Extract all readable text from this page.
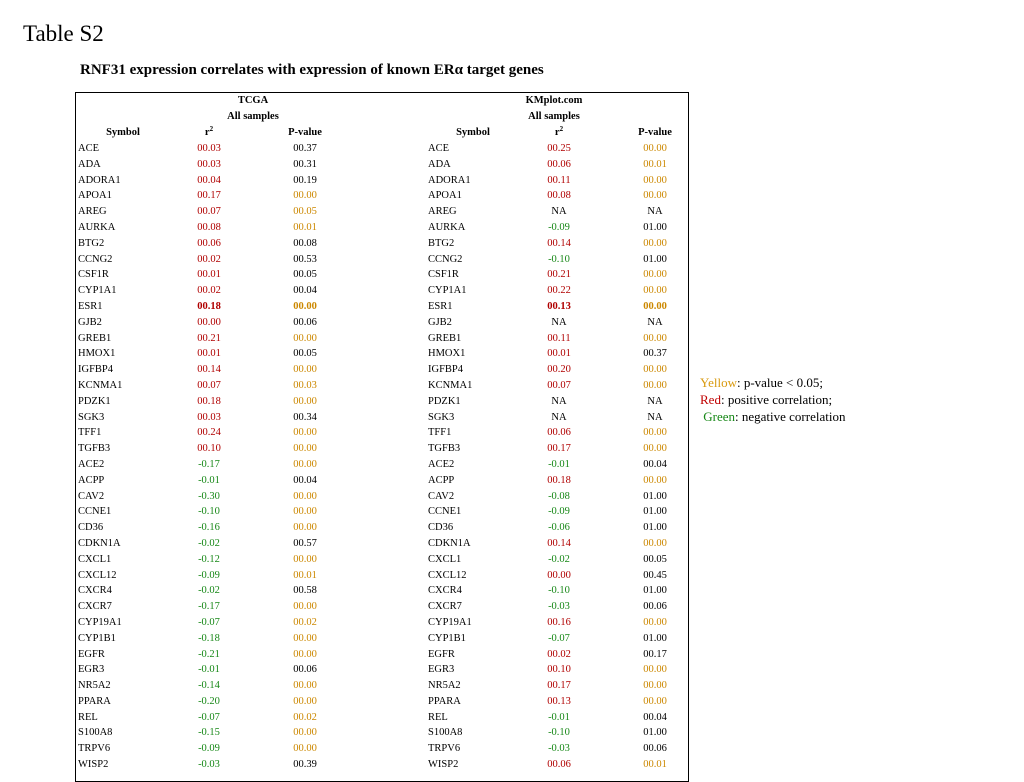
Table S2
RNF31 expression correlates with expression of known ERα target genes
TCGA
All samples
Symbol	$r^2$	P-value
ACE	00.03	00.37
ADA	00.03	00.31
ADORA1	00.04	00.19
APOA1	00.17	00.00
AREG	00.07	00.05
AURKA	00.08	00.01
BTG2	00.06	00.08
CCNG2	00.02	00.53
CSF1R	00.01	00.05
CYP1A1	00.02	00.04
ESR1	00.18	00.00
GJB2	00.00	00.06
GREB1	00.21	00.00
HMOX1	00.01	00.05
IGFBP4	00.14	00.00
KCNMA1	00.07	00.03
PDZK1	00.18	00.00
SGK3	00.03	00.34
TFF1	00.24	00.00
TGFB3	00.10	00.00
ACE2	-0.17	00.00
ACPP	-0.01	00.04
CAV2	-0.30	00.00
CCNE1	-0.10	00.00
CD36	-0.16	00.00
CDKN1A	-0.02	00.57
CXCL1	-0.12	00.00
CXCL12	-0.09	00.01
CXCR4	-0.02	00.58
CXCR7	-0.17	00.00
CYP19A1	-0.07	00.02
CYP1B1	-0.18	00.00
EGFR	-0.21	00.00
EGR3	-0.01	00.06
NR5A2	-0.14	00.00
PPARA	-0.20	00.00
REL	-0.07	00.02
S100A8	-0.15	00.00
TRPV6	-0.09	00.00
WISP2	-0.03	00.39
KMplot.com
All samples
Symbol	$r^2$	P-value
ACE	00.25	00.00
ADA	00.06	00.01
ADORA1	00.11	00.00
APOA1	00.08	00.00
AREG	NA	NA
AURKA	-0.09	01.00
BTG2	00.14	00.00
CCNG2	-0.10	01.00
CSF1R	00.21	00.00
CYP1A1	00.22	00.00
ESR1	00.13	00.00
GJB2	NA	NA
GREB1	00.11	00.00
HMOX1	00.01	00.37
IGFBP4	00.20	00.00
KCNMA1	00.07	00.00
PDZK1	NA	NA
SGK3	NA	NA
TFF1	00.06	00.00
TGFB3	00.17	00.00
ACE2	-0.01	00.04
ACPP	00.18	00.00
CAV2	-0.08	01.00
CCNE1	-0.09	01.00
CD36	-0.06	01.00
CDKN1A	00.14	00.00
CXCL1	-0.02	00.05
CXCL12	00.00	00.45
CXCR4	-0.10	01.00
CXCR7	-0.03	00.06
CYP19A1	00.16	00.00
CYP1B1	-0.07	01.00
EGFR	00.02	00.17
EGR3	00.10	00.00
NR5A2	00.17	00.00
PPARA	00.13	00.00
REL	-0.01	00.04
S100A8	-0.10	01.00
TRPV6	-0.03	00.06
WISP2	00.06	00.01
Yellow: p-value < 0.05;
Red: positive correlation;
Green: negative correlation
